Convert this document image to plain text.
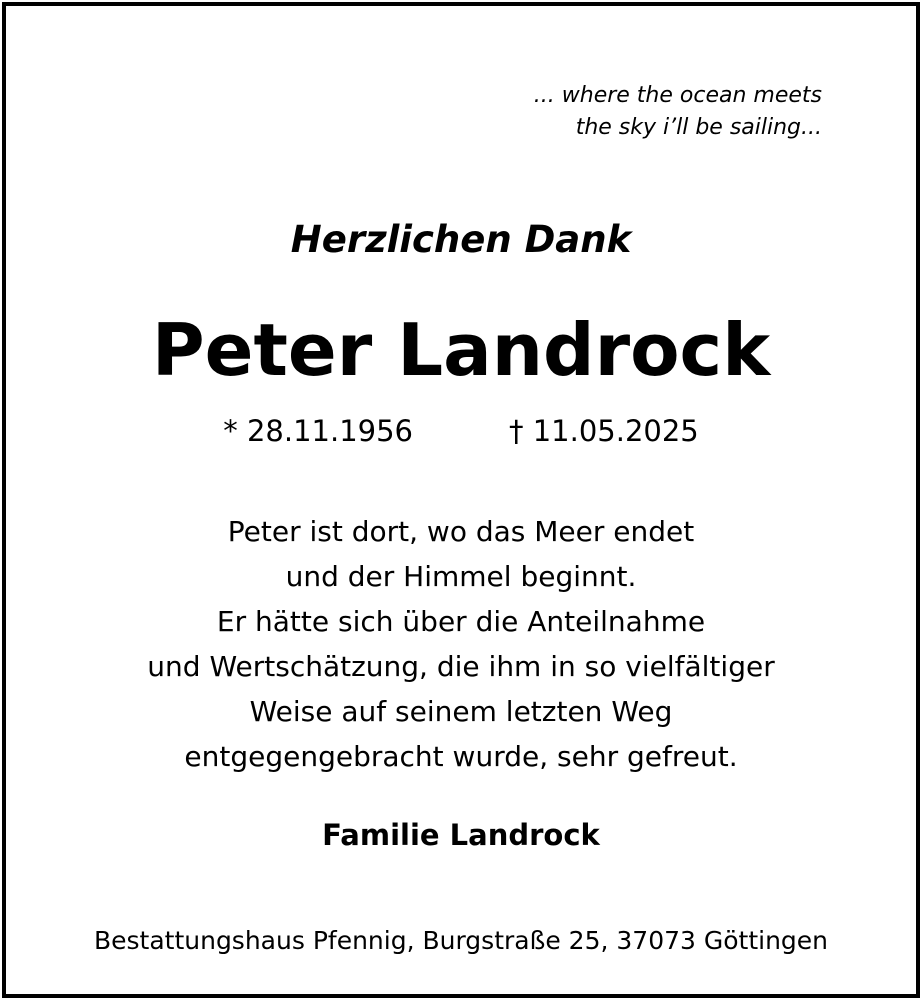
... where the ocean meets
the sky i’ll be sailing...
Herzlichen Dank
Peter Landrock
* 28.11.1956	† 11.05.2025
Peter ist dort, wo das Meer endet
und der Himmel beginnt.
Er hätte sich über die Anteilnahme
und Wertschätzung, die ihm in so vielfältiger
Weise auf seinem letzten Weg
entgegengebracht wurde, sehr gefreut.
Familie Landrock
Bestattungshaus Pfennig, Burgstraße 25, 37073 Göttingen
